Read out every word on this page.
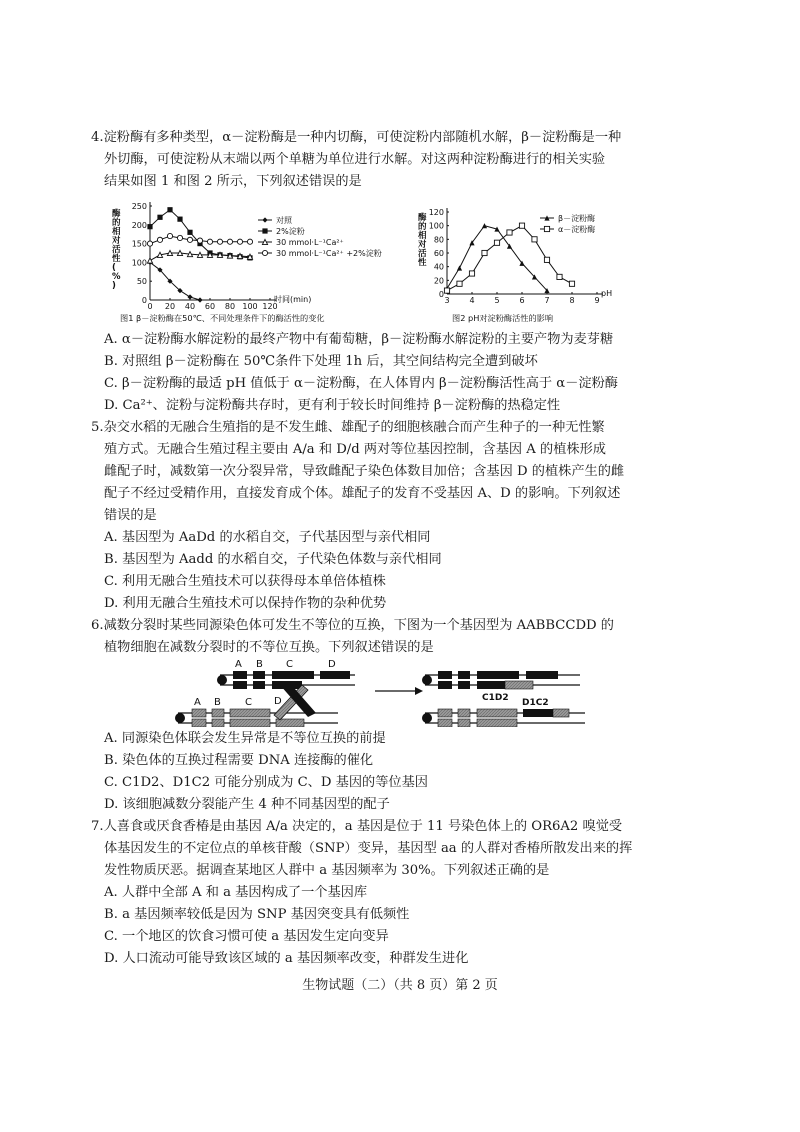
4.淀粉酶有多种类型，α－淀粉酶是一种内切酶，可使淀粉内部随机水解，β－淀粉酶是一种
外切酶，可使淀粉从末端以两个单糖为单位进行水解。对这两种淀粉酶进行的相关实验
结果如图 1 和图 2 所示，下列叙述错误的是
0 20 40 60 80 100 120
0
50
100
150
200
250
时间(min)
酶的相对活性( % )
对照
2%淀粉
30 mmol·L⁻¹Ca²⁺
30 mmol·L⁻¹Ca²⁺ +2%淀粉
图1 β－淀粉酶在50℃、不同处理条件下的酶活性的变化
3 4 5 6 7 8 9
0
20
40
60
80
100
120
pH
酶的相对活性
β－淀粉酶
α－淀粉酶
图2 pH对淀粉酶活性的影响
A. α－淀粉酶水解淀粉的最终产物中有葡萄糖，β－淀粉酶水解淀粉的主要产物为麦芽糖
B. 对照组 β－淀粉酶在 50℃条件下处理 1h 后，其空间结构完全遭到破坏
C. β－淀粉酶的最适 pH 值低于 α－淀粉酶，在人体胃内 β－淀粉酶活性高于 α－淀粉酶
D. Ca²⁺、淀粉与淀粉酶共存时，更有利于较长时间维持 β－淀粉酶的热稳定性
5.杂交水稻的无融合生殖指的是不发生雌、雄配子的细胞核融合而产生种子的一种无性繁
殖方式。无融合生殖过程主要由 A/a 和 D/d 两对等位基因控制，含基因 A 的植株形成
雌配子时，减数第一次分裂异常，导致雌配子染色体数目加倍；含基因 D 的植株产生的雌
配子不经过受精作用，直接发育成个体。雄配子的发育不受基因 A、D 的影响。下列叙述
错误的是
A. 基因型为 AaDd 的水稻自交，子代基因型与亲代相同
B. 基因型为 Aadd 的水稻自交，子代染色体数与亲代相同
C. 利用无融合生殖技术可以获得母本单倍体植株
D. 利用无融合生殖技术可以保持作物的杂种优势
6.减数分裂时某些同源染色体可发生不等位的互换，下图为一个基因型为 AABBCCDD 的
植物细胞在减数分裂时的不等位互换。下列叙述错误的是
A B C	D
A B C D	C1D2 D1C2
A. 同源染色体联会发生异常是不等位互换的前提
B. 染色体的互换过程需要 DNA 连接酶的催化
C. C1D2、D1C2 可能分别成为 C、D 基因的等位基因
D. 该细胞减数分裂能产生 4 种不同基因型的配子
7.人喜食或厌食香椿是由基因 A/a 决定的，a 基因是位于 11 号染色体上的 OR6A2 嗅觉受
体基因发生的不定位点的单核苷酸（SNP）变异，基因型 aa 的人群对香椿所散发出来的挥
发性物质厌恶。据调查某地区人群中 a 基因频率为 30%。下列叙述正确的是
A. 人群中全部 A 和 a 基因构成了一个基因库
B. a 基因频率较低是因为 SNP 基因突变具有低频性
C. 一个地区的饮食习惯可使 a 基因发生定向变异
D. 人口流动可能导致该区域的 a 基因频率改变，种群发生进化
生物试题（二）（共 8 页）第 2 页
